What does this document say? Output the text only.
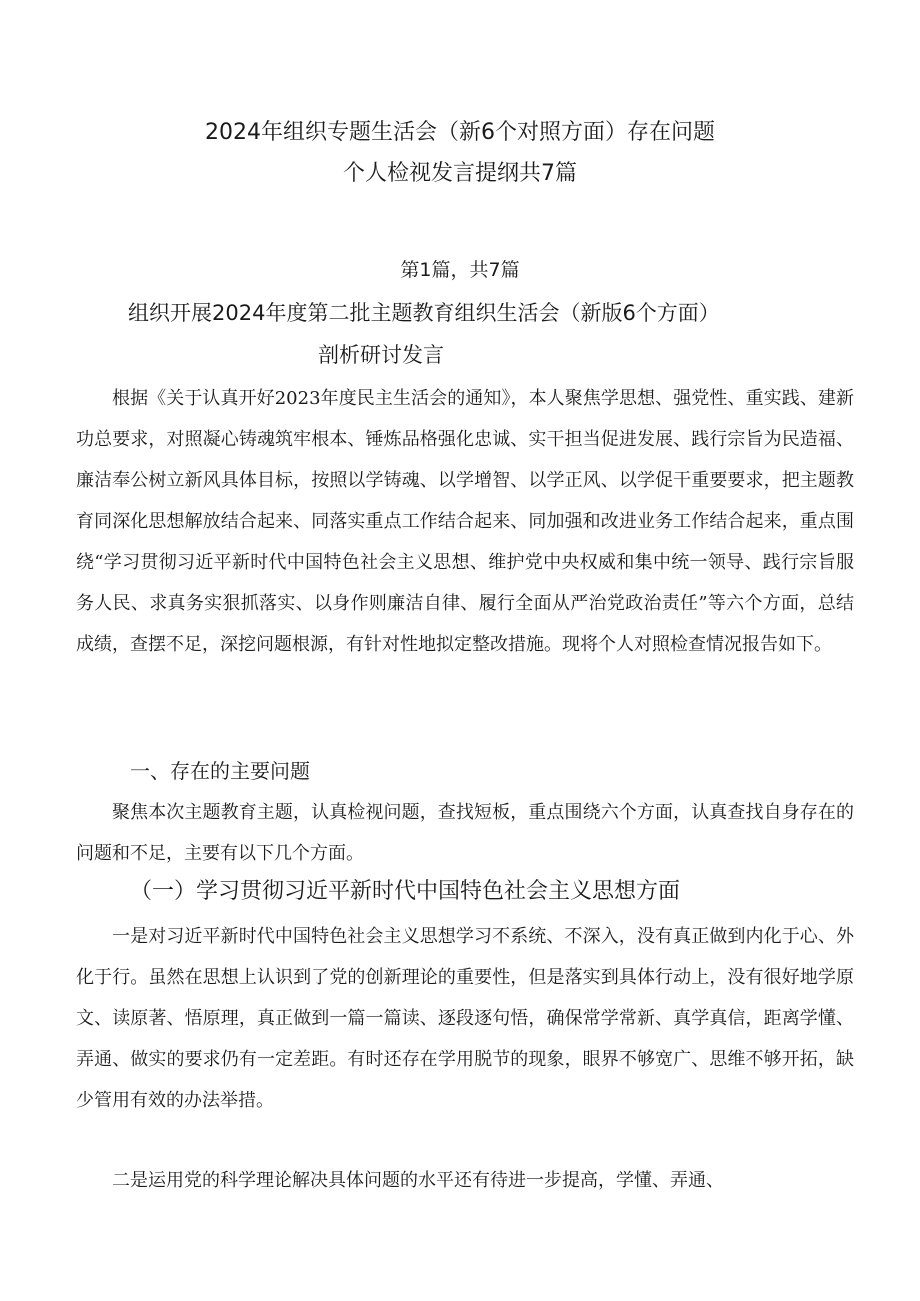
2024年组织专题生活会（新6个对照方面）存在问题
个人检视发言提纲共7篇
第1篇，共7篇
组织开展2024年度第二批主题教育组织生活会（新版6个方面）
剖析研讨发言

根据《关于认真开好2023年度民主生活会的通知》，本人聚焦学思想、强党性、重实践、建新功总要求，对照凝心铸魂筑牢根本、锤炼品格强化忠诚、实干担当促进发展、践行宗旨为民造福、廉洁奉公树立新风具体目标，按照以学铸魂、以学增智、以学正风、以学促干重要要求，把主题教育同深化思想解放结合起来、同落实重点工作结合起来、同加强和改进业务工作结合起来，重点围绕“学习贯彻习近平新时代中国特色社会主义思想、维护党中央权威和集中统一领导、践行宗旨服务人民、求真务实狠抓落实、以身作则廉洁自律、履行全面从严治党政治责任”等六个方面，总结成绩，查摆不足，深挖问题根源，有针对性地拟定整改措施。现将个人对照检查情况报告如下。

一、存在的主要问题

聚焦本次主题教育主题，认真检视问题，查找短板，重点围绕六个方面，认真查找自身存在的问题和不足，主要有以下几个方面。

（一）学习贯彻习近平新时代中国特色社会主义思想方面

一是对习近平新时代中国特色社会主义思想学习不系统、不深入，没有真正做到内化于心、外化于行。虽然在思想上认识到了党的创新理论的重要性，但是落实到具体行动上，没有很好地学原文、读原著、悟原理，真正做到一篇一篇读、逐段逐句悟，确保常学常新、真学真信，距离学懂、弄通、做实的要求仍有一定差距。有时还存在学用脱节的现象，眼界不够宽广、思维不够开拓，缺少管用有效的办法举措。

二是运用党的科学理论解决具体问题的水平还有待进一步提高，学懂、弄通、
